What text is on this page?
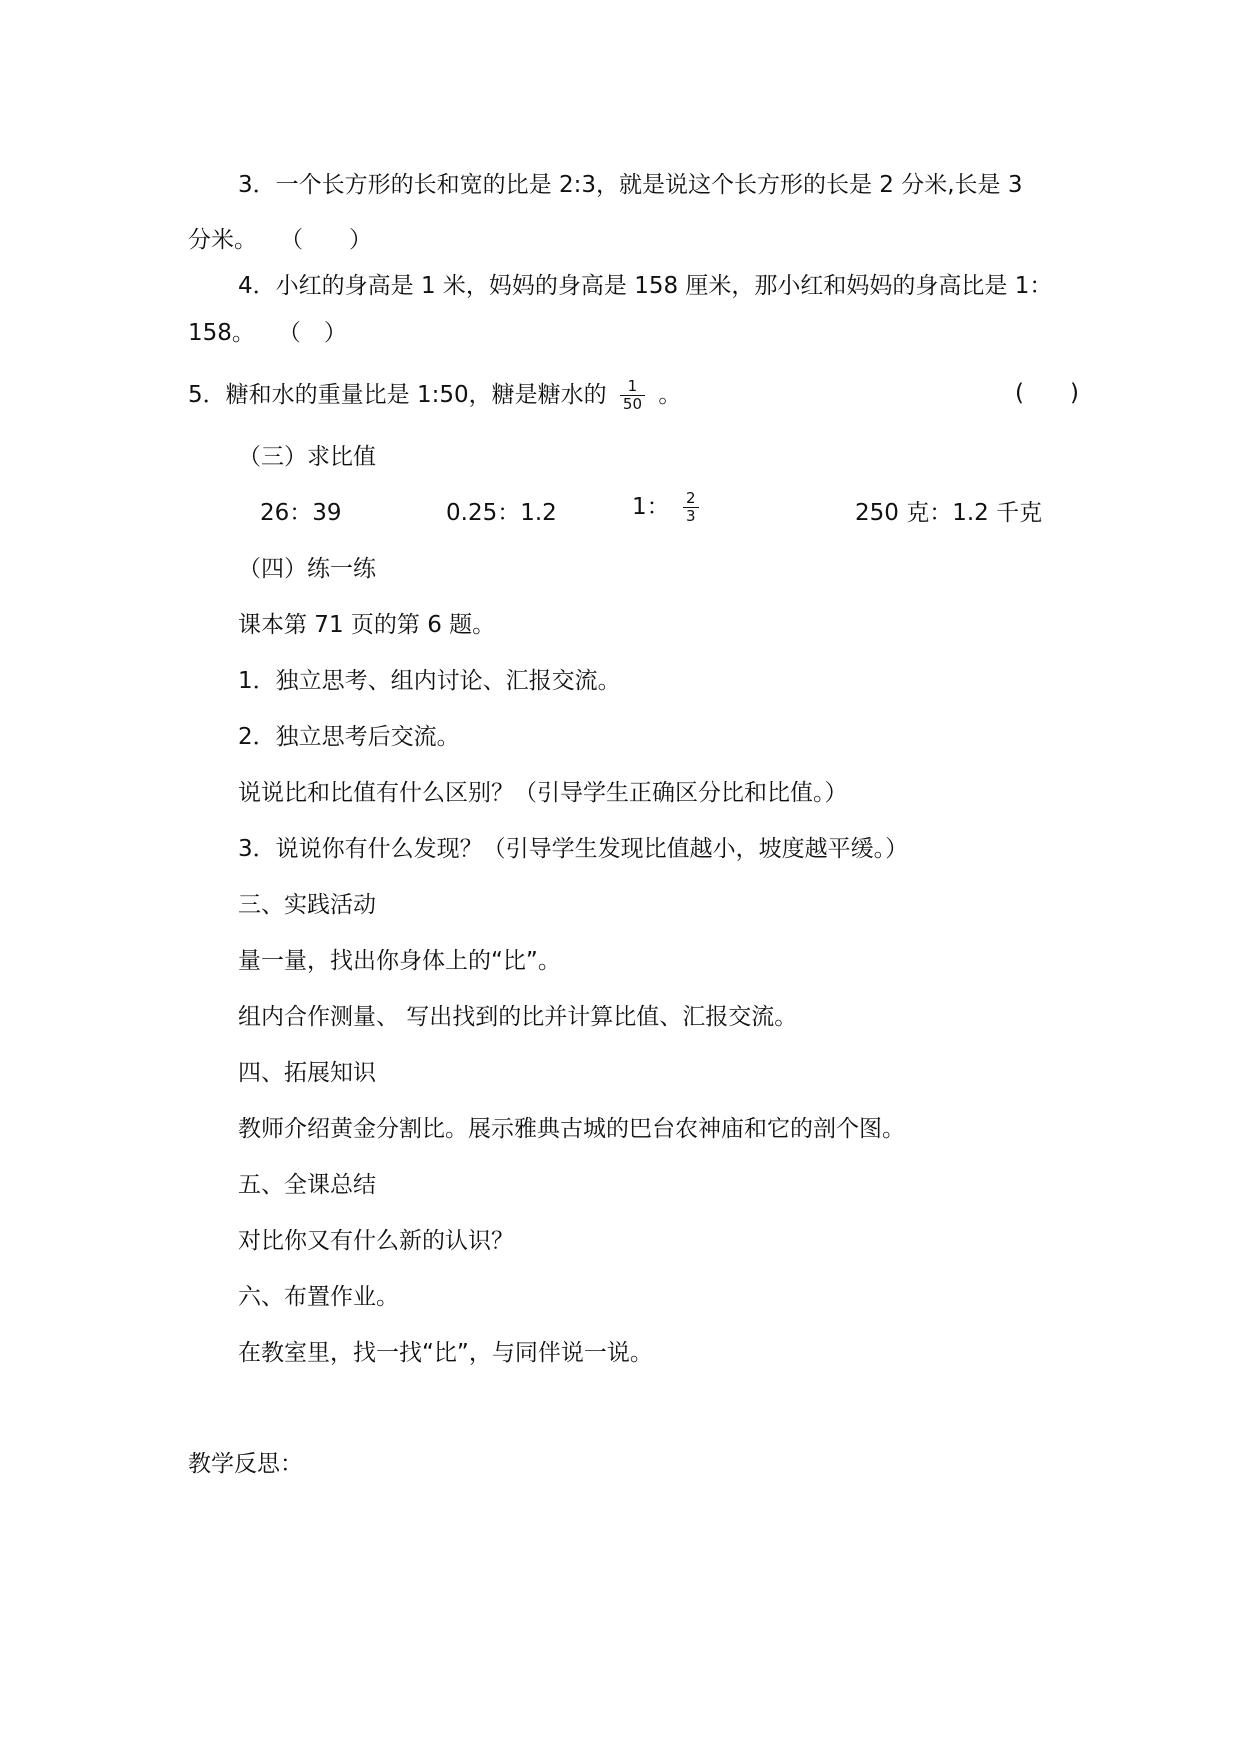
3．一个长方形的长和宽的比是 2:3，就是说这个长方形的长是 2 分米,长是 3
分米。　　（　　）
4．小红的身高是 1 米，妈妈的身高是 158 厘米，那小红和妈妈的身高比是 1：
158。　　（　）
5．糖和水的重量比是 1:50，糖是糖水的 $\frac{1}{50}$ 。	(　　)
（三）求比值
26：39	0.25：1.2	1： $\frac{2}{3}$	250 克：1.2 千克
（四）练一练
课本第 71 页的第 6 题。
1．独立思考、组内讨论、汇报交流。
2．独立思考后交流。
说说比和比值有什么区别？（引导学生正确区分比和比值。）
3．说说你有什么发现？（引导学生发现比值越小，坡度越平缓。）
三、实践活动
量一量，找出你身体上的“比”。
组内合作测量、 写出找到的比并计算比值、汇报交流。
四、拓展知识
教师介绍黄金分割比。展示雅典古城的巴台农神庙和它的剖个图。
五、全课总结
对比你又有什么新的认识？
六、布置作业。
在教室里，找一找“比”，与同伴说一说。
教学反思：
